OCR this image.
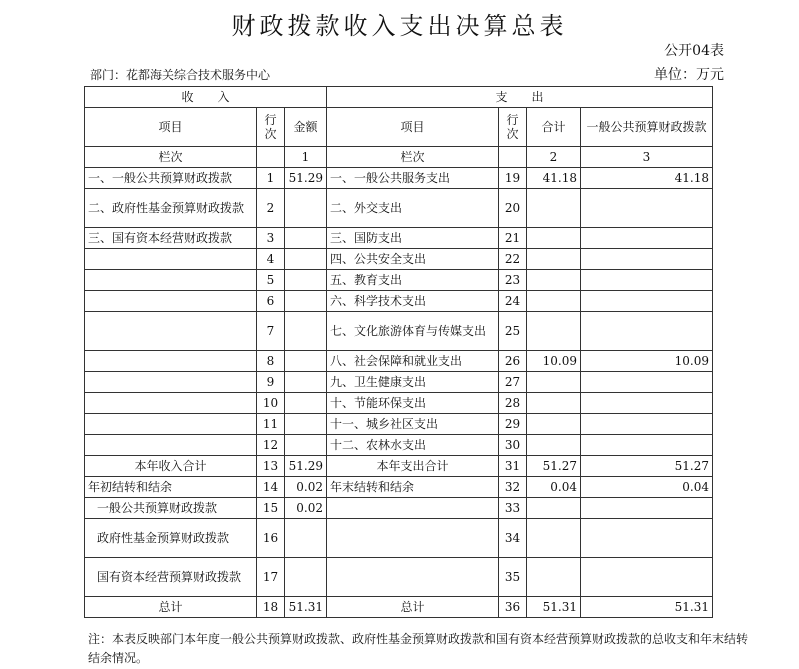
财政拨款收入支出决算总表
公开04表
部门：花都海关综合技术服务中心	单位：万元
收　　入			支　　出			
项目	行次	金额	项目	行次	合计	一般公共预算财政拨款
栏次		1	栏次		2	3
一、一般公共预算财政拨款	1	51.29	一、一般公共服务支出	19	41.18	41.18
二、政府性基金预算财政拨款	2		二、外交支出	20		
三、国有资本经营财政拨款	3		三、国防支出	21		
	4		四、公共安全支出	22		
	5		五、教育支出	23		
	6		六、科学技术支出	24		
	7		七、文化旅游体育与传媒支出	25		
	8		八、社会保障和就业支出	26	10.09	10.09
	9		九、卫生健康支出	27		
	10		十、节能环保支出	28		
	11		十一、城乡社区支出	29		
	12		十二、农林水支出	30		
本年收入合计	13	51.29	本年支出合计	31	51.27	51.27
年初结转和结余	14	0.02	年末结转和结余	32	0.04	0.04
一般公共预算财政拨款	15	0.02		33		
政府性基金预算财政拨款	16			34		
国有资本经营预算财政拨款	17			35		
总计	18	51.31	总计	36	51.31	51.31
注：本表反映部门本年度一般公共预算财政拨款、政府性基金预算财政拨款和国有资本经营预算财政拨款的总收支和年末结转结余情况。
